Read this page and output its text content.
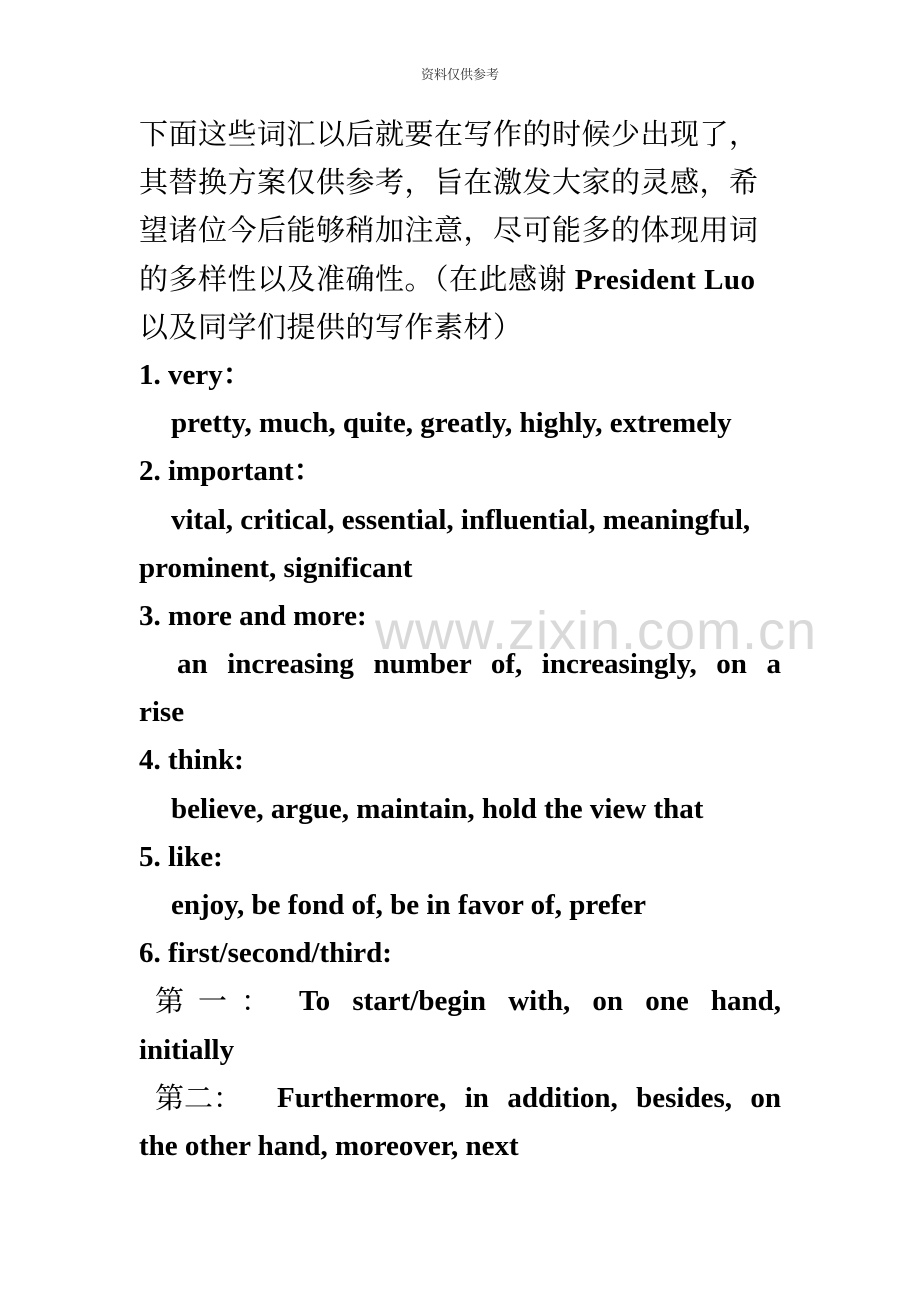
资料仅供参考
www.zixin.com.cn
下面这些词汇以后就要在写作的时候少出现了，
其替换方案仅供参考，旨在激发大家的灵感，希
望诸位今后能够稍加注意，尽可能多的体现用词
的多样性以及准确性。（在此感谢 President Luo
以及同学们提供的写作素材）
1. very：
pretty, much, quite, greatly, highly, extremely
2. important：
vital, critical, essential, influential, meaningful,
prominent, significant
3. more and more:
an increasing number of, increasingly, on a
rise
4. think:
believe, argue, maintain, hold the view that
5. like:
enjoy, be fond of, be in favor of, prefer
6. first/second/third:
第一： To start/begin with, on one hand,
initially
第二：	Furthermore, in addition, besides, on
the other hand, moreover, next
